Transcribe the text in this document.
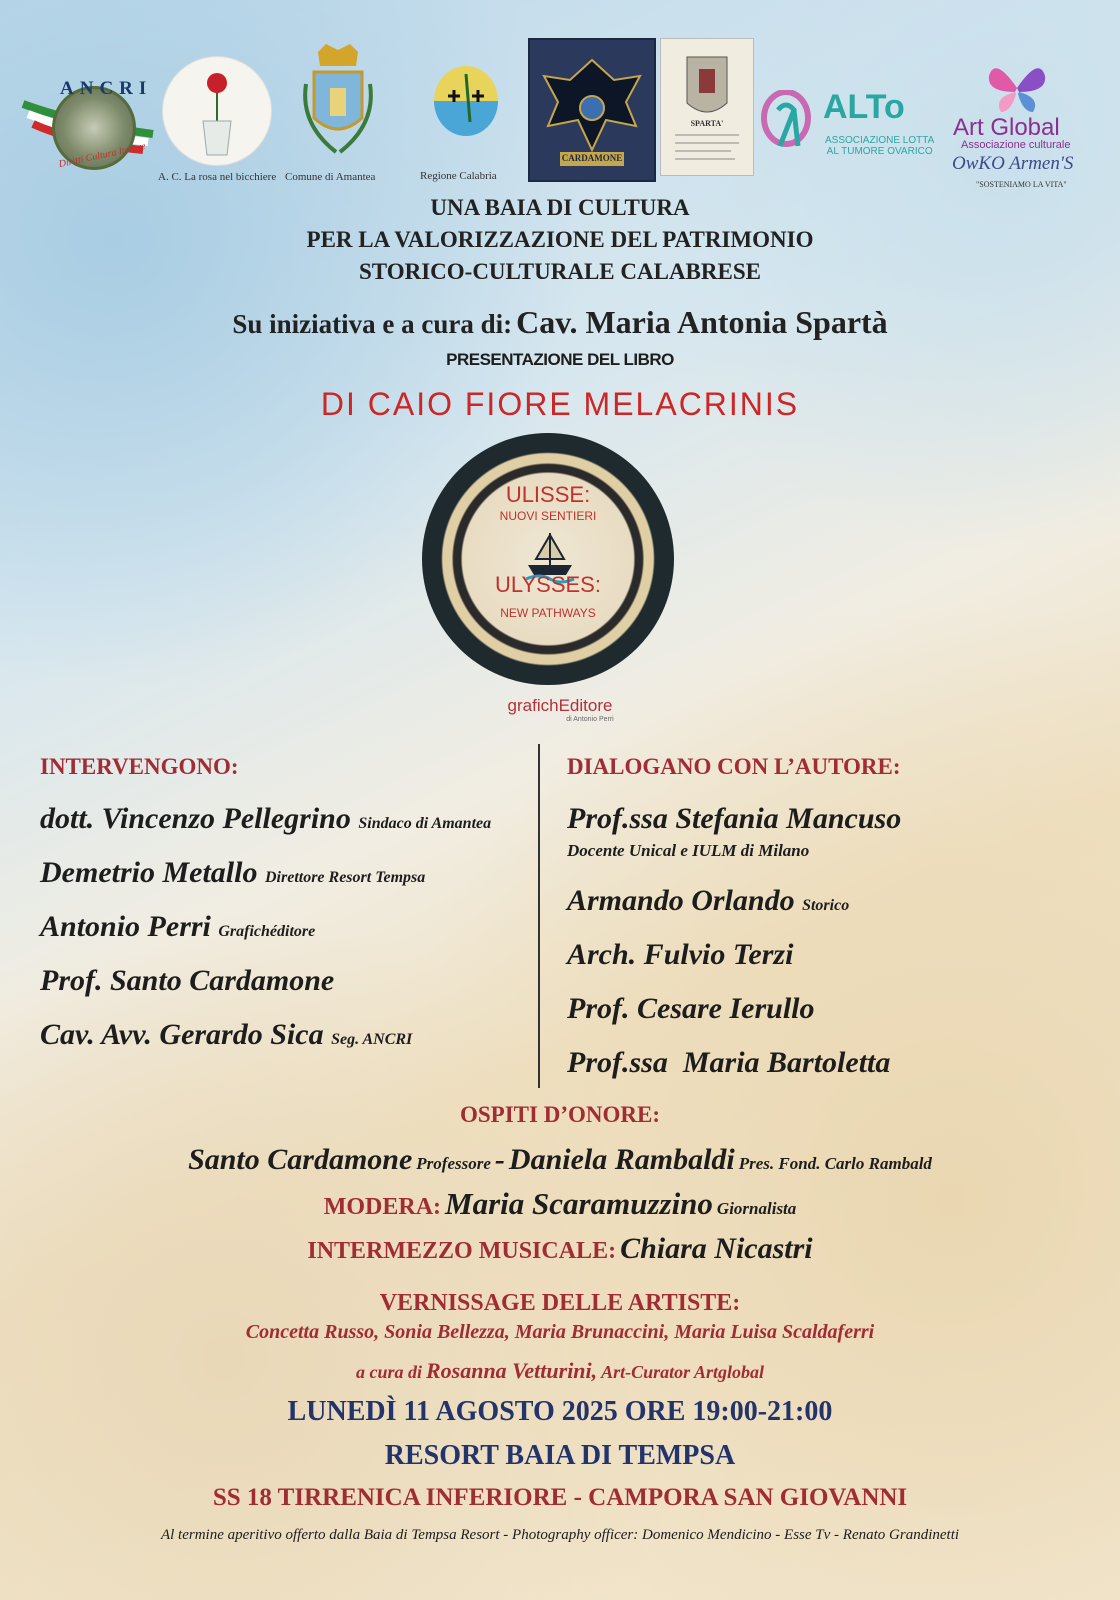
ANCRI
Diritti Cultura Iterare
A. C. La rosa nel bicchiere Comune di Amantea	Regione Calabria
CARDAMONE
SPARTA'	ALTo
ASSOCIAZIONE LOTTA
AL TUMORE OVARICO
Art Global
Associazione culturale
OwKO Armen'S
"SOSTENIAMO LA VITA"
UNA BAIA DI CULTURA
PER LA VALORIZZAZIONE DEL PATRIMONIO
STORICO-CULTURALE CALABRESE
Su iniziativa e a cura di: Cav. Maria Antonia Spartà
PRESENTAZIONE DEL LIBRO
DI CAIO FIORE MELACRINIS
ULISSE:
NUOVI SENTIERI
ULYSSES:
NEW PATHWAYS
grafichEditore
di Antonio Perri
INTERVENGONO:
dott. Vincenzo Pellegrino Sindaco di Amantea
Demetrio Metallo Direttore Resort Tempsa
Antonio Perri Grafichéditore
Prof. Santo Cardamone
Cav. Avv. Gerardo Sica Seg. ANCRI
DIALOGANO CON L’AUTORE:
Prof.ssa Stefania Mancuso
Docente Unical e IULM di Milano
Armando Orlando Storico
Arch. Fulvio Terzi
Prof. Cesare Ierullo
Prof.ssa  Maria Bartoletta
OSPITI D’ONORE:
Santo Cardamone Professore - Daniela Rambaldi Pres. Fond. Carlo Rambald
MODERA: Maria Scaramuzzino Giornalista
INTERMEZZO MUSICALE: Chiara Nicastri
VERNISSAGE DELLE ARTISTE:
Concetta Russo, Sonia Bellezza, Maria Brunaccini, Maria Luisa Scaldaferri
a cura di Rosanna Vetturini, Art-Curator Artglobal
LUNEDÌ 11 AGOSTO 2025 ORE 19:00-21:00
RESORT BAIA DI TEMPSA
SS 18 TIRRENICA INFERIORE - CAMPORA SAN GIOVANNI
Al termine aperitivo offerto dalla Baia di Tempsa Resort - Photography officer: Domenico Mendicino - Esse Tv - Renato Grandinetti
